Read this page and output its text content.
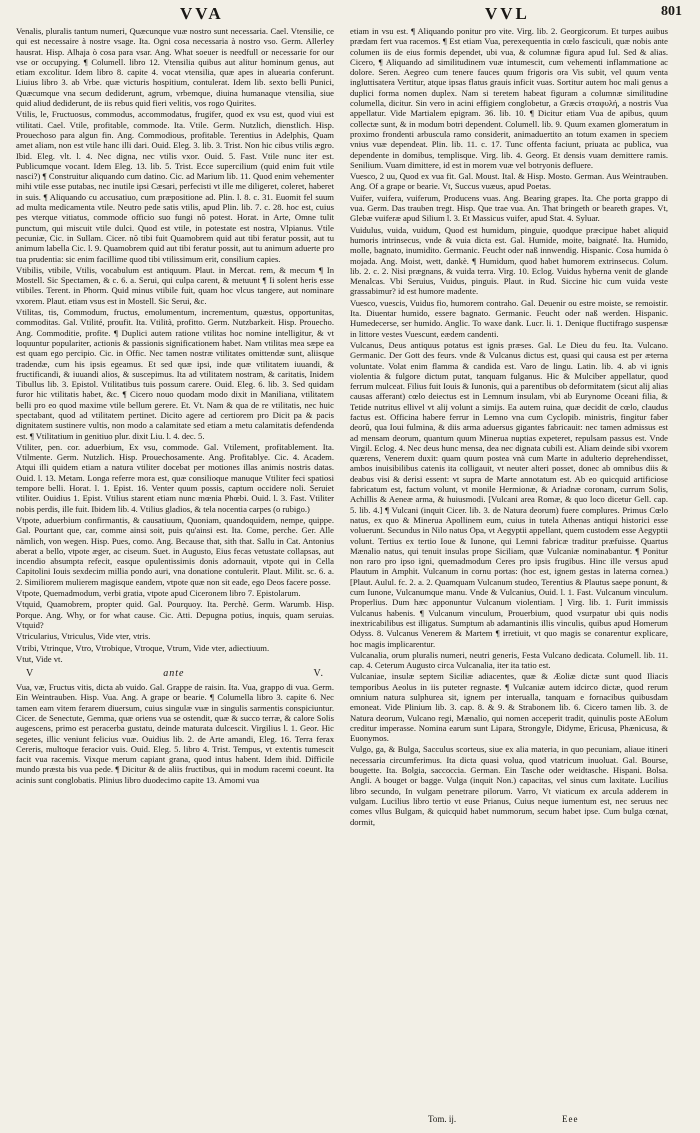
VVA	VVL	801

Venalis, pluralis tantum numeri, Quæcunque vuæ nostro sunt necessaria. Cael. Vtensilie, ce qui est necessaire à nostre vsage. Ita. Ogni cosa necessaria à nostro vso. Germ. Allerley hausrat. Hisp. Alhaja ò cosa para vsar. Ang. What soeuer is needfull or necessarie for our vse or occupying. ¶ Columell. libro 12. Vtensilia quibus aut alitur hominum genus, aut etiam excolitur. Idem libro 8. capite 4. vocat vtensilia, quæ apes in aluearia conferunt. Liuius libro 3. ab Vrbe. quæ victuris hospitium, contulerat. Idem lib. sexto belli Punici, Quæcumque vna secum dediderunt, agrum, vrbemque, diuina humanaque vtensilia, siue quid aliud dediderunt, de iis rebus quid fieri velitis, vos rogo Quirites.

Vtilis, le, Fructuosus, commodus, accommodatus, frugifer, quod ex vsu est, quod viui est vtilitati. Cael. Vtile, profitable, commode. Ita. Vtile. Germ. Nutzlich, dienstlich. Hisp. Prouechoso para algun fin. Ang. Commodious, profitable. Terentius in Adelphis, Quam amet aliam, non est vtile hanc illi dari. Ouid. Eleg. 3. lib. 3. Trist. Non hic cibus vtilis ægro. Ibid. Eleg. vlt. l. 4. Nec digna, nec vtilis vxor. Ouid. 5. Fast. Vtile nunc iter est. Publicumque vocant. Idem Eleg. 13. lib. 5. Trist. Ecce supercilium (quid enim fuit vtile nasci?) ¶ Construitur aliquando cum datino. Cic. ad Marium lib. 11. Quod enim vehementer mihi vtile esse putabas, nec inutile ipsi Cæsari, perfecisti vt ille me diligeret, coleret, haberet in suis. ¶ Aliquando cu accusatiuo, cum præpositione ad. Plin. l. 8. c. 31. Euomit fel suum ad multa medicamenta vtile. Neutro pede satis vtilis, apud Plin. lib. 7. c. 28. hoc est, cuius pes vterque vitiatus, commode officio suo fungi nõ potest. Horat. in Arte, Omne tulit punctum, qui miscuit vtile dulci. Quod est vtile, in potestate est nostra, Vlpianus. Vtile pecuniæ, Cic. in Sullam. Cicer. nõ tibi fuit Quamobrem quid aut tibi feratur possit, aut tu animum labella Cic. l. 9. Quamobrem quid aut tibi feratur possit, aut tu animum aduerte pro tua prudentia: sic enim facillime quod tibi vtilissimum erit, consilium capies.

Vtibilis, vtibile, Vtilis, vocabulum est antiquum. Plaut. in Mercat. rem, & mecum ¶ In Mostell. Sic Spectamen, & c. 6. a. Serui, qui culpa carent, & metuunt ¶ Ii solent heris esse vtibiles. Terent. in Phorm. Quid minus vtibile fuit, quam hoc vlcus tangere, aut nominare vxorem. Plaut. etiam vsus est in Mostell. Sic Serui, &c.

Vtilitas, tis, Commodum, fructus, emolumentum, incrementum, quæstus, opportunitas, commoditas. Gal. Vtilité, proufit. Ita. Vtilità, profitto. Germ. Nutzbarkeit. Hisp. Prouecho. Ang. Commoditie, profite. ¶ Duplici autem ratione vtilitas hoc nomine intelligitur, & vt loquuntur populariter, actionis & passionis significationem habet. Nam vtilitas mea sæpe ea est quam ego percipio. Cic. in Offic. Nec tamen nostræ vtilitates omittendæ sunt, aliisque tradendæ, cum his ipsis egeamus. Et sed quæ ipsi, inde quæ vtilitatem iuuandi, & fructificandi, & iuuandi alios, & suscepimus. Ita ad vtilitatem nostram, & caritatis, Inidem Tibullus lib. 3. Epistol. Vtilitatibus tuis possum carere. Ouid. Eleg. 6. lib. 3. Sed quidam furor hic vtilitatis habet, &c. ¶ Cicero nouo quodam modo dixit in Maniliana, vtilitatem belli pro eo quod maxime vtile bellum gerere. Et. Vt. Nam & qua de re vtilitatis, nec huic spectabant, quod ad vtilitatem pertinet. Dicito agere ad certiorem pro Dicit pa & pacis dignitatem sustinere vultis, non modo a calamitate sed etiam a metu calamitatis defendenda est. ¶ Vtilitatium in genitiuo plur. dixit Liu. l. 4. dec. 5.

Vtiliter, pen. cor. aduerbium, Ex vsu, commode. Gal. Vtilement, profitablement. Ita. Vtilmente. Germ. Nutzlich. Hisp. Prouechosamente. Ang. Profitablye. Cic. 4. Academ. Atqui illi quidem etiam a natura vtiliter docebat per motiones illas animis nostris datas. Ouid. l. 13. Metam. Longa referre mora est, quæ consilioque manuque Vtiliter feci spatiosi tempore belli. Horat. l. 1. Epist. 16. Venter quum possis, captum occidere noli. Seruiet vtiliter. Ouidius 1. Epist. Vtilius starent etiam nunc mœnia Phœbi. Ouid. l. 3. Fast. Vtiliter nobis perdis, ille fuit. Ibidem lib. 4. Vtilius gladios, & tela nocentia carpes (o rubigo.)

Vtpote, aduerbium confirmantis, & causatiuum, Quoniam, quandoquidem, nempe, quippe. Gal. Pourtant que, car, comme ainsi soit, puis qu'ainsi est. Ita. Come, perche. Ger. Alle nämlich, von wegen. Hisp. Pues, como. Ang. Because that, sith that. Sallu in Cat. Antonius aberat a bello, vtpote æger, ac ciseum. Suet. in Augusto, Eius fecas vetustate collapsas, aut incendio absumpta refecit, easque opulentissimis donis adornauit, vtpote qui in Cella Capitolini Iouis sexdecim millia pondo auri, vna donatione contulerit. Plaut. Milit. sc. 6. a. 2. Similiorem mulierem magisque eandem, vtpote quæ non sit eade, ego Deos facere posse.

Vtpote, Quemadmodum, verbi gratia, vtpote apud Ciceronem libro 7. Epistolarum.

Vtquid, Quamobrem, propter quid. Gal. Pourquoy. Ita. Perchè. Germ. Warumb. Hisp. Porque. Ang. Why, or for what cause. Cic. Atti. Depugna potius, inquis, quam seruias. Vtquid?

Vtricularius, Vtriculus, Vide vter, vtris.

Vtribi, Vtrinque, Vtro, Vtrobique, Vtroque, Vtrum, Vide vter, adiectiuum.

Vtut, Vide vt.

V	ante	V.

Vua, væ, Fructus vitis, dicta ab vuido. Gal. Grappe de raisin. Ita. Vua, grappo di vua. Germ. Ein Weintrauben. Hisp. Vua. Ang. A grape or bearie. ¶ Columella libro 3. capite 6. Nec tamen eam vitem ferarem diuersum, cuius singulæ vuæ in singulis sarmentis conspiciuntur. Cicer. de Senectute, Gemma, quæ oriens vua se ostendit, quæ & succo terræ, & calore Solis augescens, primo est peracerba gustatu, deinde maturata dulcescit. Virgilius l. 1. Geor. Hic segetes, illic veniunt felicius vuæ. Ouidius lib. 2. de Arte amandi, Eleg. 16. Terra ferax Cereris, multoque feracior vuis. Ouid. Eleg. 5. libro 4. Trist. Tempus, vt extentis tumescit facit vua racemis. Vixque merum capiant grana, quod intus habent. Idem ibid. Difficile mundo præsta bis vua pede. ¶ Dicitur & de aliis fructibus, qui in modum racemi coeunt. Ita acinis sunt conglobatis. Plinius libro duodecimo capite 13. Amomi vua

etiam in vsu est. ¶ Aliquando ponitur pro vite. Virg. lib. 2. Georgicorum. Et turpes auibus prædam fert vua racemos. ¶ Est etiam Vua, perexequentia in cœlo fasciculi, quæ nobis ante columen iis de eius formis dependet, ubi vua, & columnæ figura apud Iul. Sed & alias. Cicero, ¶ Aliquando ad similitudinem vuæ intumescit, cum vehementi inflammatione ac dolore. Seren. Aegreo cum tenere fauces quum frigoris ora Vis subit, vel quum venta ingluttisatera Vertitur, atque ipsas flatus grauis inficit vuas. Sortitur autem hoc mali genus a duplici forma nomen duplex. Nam si teretem habeat figuram a columnæ similitudine columella, dicitur. Sin vero in acini effigiem conglobetur, a Græcis σταφυλή, a nostris Vua appellatur. Vide Martialem epigram. 36. lib. 10. ¶ Dicitur etiam Vua de apibus, quum collectæ sunt, & in modum botri dependent. Columell. lib. 9. Quum examen glomeratum in proximo frondenti arbuscula ramo considerit, animaduertito an totum examen in speciem vnius vuæ dependeat. Plin. lib. 11. c. 17. Tunc offenta faciunt, priuata ac publica, vua dependente in domibus, templisque. Virg. lib. 4. Georg. Et densis vuam demittere ramis. Senilium. Vuam dimittere, id est in morem vuæ vel botryonis defluere.

Vuesco, 2 uu, Quod ex vua fit. Gal. Moust. Ital. & Hisp. Mosto. German. Aus Weintrauben. Ang. Of a grape or bearie. Vt, Succus vuæus, apud Poetas.

Vuifer, vuifera, vuiferum, Producens vuas. Ang. Bearing grapes. Ita. Che porta grappo di vua. Germ. Das trauben tregt. Hisp. Que trae vua. An. That bringeth or beareth grapes. Vt, Glebæ vuiferæ apud Silium l. 3. Et Massicus vuifer, apud Stat. 4. Syluar.

Vuidulus, vuida, vuidum, Quod est humidum, pinguie, quodque præcipue habet aliquid humoris intrinsecus, vnde & vuia dicta est. Gal. Humide, moite, baignaté. Ita. Humido, molle, bagnato, inumidito. Germanic. Feucht oder naß innwendig. Hispanic. Cosa humida ò mojada. Ang. Moist, wett, dankè. ¶ Humidum, quod habet humorem extrinsecus. Colum. lib. 2. c. 2. Nisi prægnans, & vuida terra. Virg. 10. Eclog. Vuidus hyberna venit de glande Menalcas. Vbi Seruius, Vuidus, pinguis. Plaut. in Rud. Siccine hic cum vuida veste grassabimur? id est humore madente.

Vuesco, vuescis, Vuidus fio, humorem contraho. Gal. Deuenir ou estre moiste, se remoistir. Ita. Diuentar humido, essere bagnato. Germanic. Feucht oder naß werden. Hispanic. Humedecerse, ser humido. Anglic. To waxe dank. Lucr. li. 1. Denique fluctifrago suspensæ in littore vestes Vuescunt, eædem candenti.

Vulcanus, Deus antiquus potatus est ignis præses. Gal. Le Dieu du feu. Ita. Vulcano. Germanic. Der Gott des feurs. vnde & Vulcanus dictus est, quasi qui causa est per æterna voluntate. Volat enim flamma & candida est. Varo de lingu. Latin. lib. 4. ab vi ignis violentia & fulgore dictum putat, tanquam fulganus. Hic & Mulciber appellatur, quod ferrum mulceat. Filius fuit Iouis & Iunonis, qui a parentibus ob deformitatem (sicut alij alias causas afferant) cœlo deiectus est in Lemnum insulam, vbi ab Eurynome Oceani filia, & Tetide nutritus ellivel vt alij volunt a simijs. Ea autem ruina, quæ decidit de cœlo, claudus factus est. Officina habere ferrur in Lemno vna cum Cyclopib. ministris, fingitur faber deorũ, qua Ioui fulmina, & diis arma aduersus gigantes fabricauit: nec tamen admissus est ad mensam deorum, quantum quum Minerua nuptias expeteret, repulsam passus est. Vnde Virgil. Eclog. 4. Nec deus hunc mensa, dea nec dignata cubili est. Aliam deinde sibi vxorem quærens, Venerem duxit: quam quum postea vnà cum Marte in adulterio deprehendisset, ambos inuisibilibus catenis ita colligauit, vt neuter alteri posset, donec ab omnibus diis & deabus visi & derisi essent: vt supra de Marte annotatum est. Ab eo quicquid artificiose fabricatum est, factum volunt, vt monile Hermionæ, & Ariadnæ coronam, currum Solis, Achillis & Aeneæ arma, & huiusmodi. [Vulcani area Romæ, & quo loco dicetur Gell. cap. 5. lib. 4.] ¶ Vulcani (inquit Cicer. lib. 3. de Natura deorum) fuere complures. Primus Cœlo natus, ex quo & Minerua Apollinem eum, cuius in tutela Athenas antiqui historici esse voluerunt. Secundus in Nilo natus Opa, vt Aegyptii appellant, quem custodem esse Aegyptii volunt. Tertius ex tertio Ioue & Iunone, qui Lemni fabricæ traditur præfuisse. Quartus Mænalio natus, qui tenuit insulas prope Siciliam, quæ Vulcaniæ nominabantur. ¶ Ponitur non raro pro ipso igni, quemadmodum Ceres pro ipsis frugibus. Hinc ille versus apud Plautum in Amphit. Vulcanum in cornu portas: (hoc est, ignem gestas in laterna cornea.) [Plaut. Aulul. fc. 2. a. 2. Quamquam Vulcanum studeo, Terentius & Plautus saepe ponunt, & cum Iunone, Vulcanumque manu. Vnde & Vulcanius, Ouid. l. 1. Fast. Vulcanum vinculum. Properlius. Dum hæc apponuntur Vulcanum violentiam. ] Virg. lib. 1. Furit immissis Vulcanus habenis. ¶ Vulcanum vinculum, Prouerbium, quod vsurpatur ubi quis nodis inextricabilibus est illigatus. Sumptum ab adamantinis illis vinculis, quibus apud Homerum Odyss. 8. Vulcanus Venerem & Martem ¶ irretiuit, vt quo magis se conarentur explicare, hoc magis implicarentur.

Vulcanalia, orum pluralis numeri, neutri generis, Festa Vulcano dedicata. Columell. lib. 11. cap. 4. Ceterum Augusto circa Vulcanalia, iter ita tatio est.

Vulcaniae, insulæ septem Siciliæ adiacentes, quæ & Æoliæ dictæ sunt quod Iliacis temporibus Aeolus in iis puteter regnaste. ¶ Vulcaniæ autem idcirco dictæ, quod rerum omnium natura sulphurea sit, ignem per interualla, tanquam e fornacibus quibusdam emoneat. Vide Plinium lib. 3. cap. 8. & 9. & Strabonem lib. 6. Cicero tamen lib. 3. de Natura deorum, Vulcano regi, Mænalio, qui nomen acceperit tradit, quinulis poste AEolum creditur imperasse. Nomina earum sunt Lipara, Strongyle, Didyme, Ericusa, Phænicusa, & Euonymos.

Vulgo, ga, & Bulga, Sacculus scorteus, siue ex alia materia, in quo pecuniam, aliaue itineri necessaria circumferimus. Ita dicta quasi volua, quod vtatricum inuoluat. Gal. Bourse, bougette. Ita. Bolgia, saccoccia. German. Ein Tasche oder weidtasche. Hispani. Bolsa. Angli. A bouget or bagge. Vulga (inquit Non.) capacitas, vel sinus cum laxitate. Lucilius libro secundo, In vulgam penetrare pilorum. Varro, Vt viaticum ex arcula adderem in vulgam. Lucilius libro tertio vt euse Prianus, Cuius neque iumentum est, nec seruus nec comes vllus Bulgam, & quicquid habet nummorum, secum habet ipse. Cum bulga cœnat, dormit,

Tom. ij.	Eee
